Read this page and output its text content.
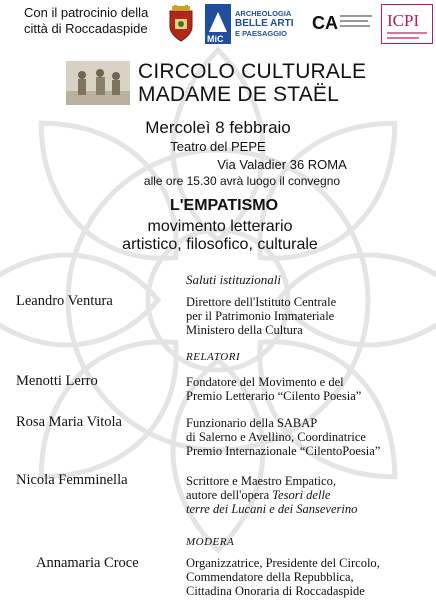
Con il patrocinio della
città di Roccadaspide
MiC
ARCHEOLOGIA
BELLE ARTI
E PAESAGGIO
CA	ICPI
CIRCOLO CULTURALE
MADAME DE STAËL
Mercoleì 8 febbraio
Teatro del PEPE
Via Valadier 36 ROMA
alle ore 15.30 avrà luogo il convegno
L'EMPATISMO
movimento letterario
artistico, filosofico, culturale
Saluti istituzionali
Leandro Ventura	Direttore dell'Istituto Centrale
per il Patrimonio Immateriale
Ministero della Cultura
RELATORI
Menotti Lerro	Fondatore del Movimento e del
Premio Letterario “Cilento Poesia”
Rosa Maria Vitola	Funzionario della SABAP
di Salerno e Avellino, Coordinatrice
Premio Internazionale “CilentoPoesia”
Nicola Femminella	Scrittore e Maestro Empatico,
autore dell'opera Tesori delle
terre dei Lucani e dei Sanseverino
MODERA
Annamaria Croce	Organizzatrice, Presidente del Circolo,
Commendatore della Repubblica,
Cittadina Onoraria di Roccadaspide
